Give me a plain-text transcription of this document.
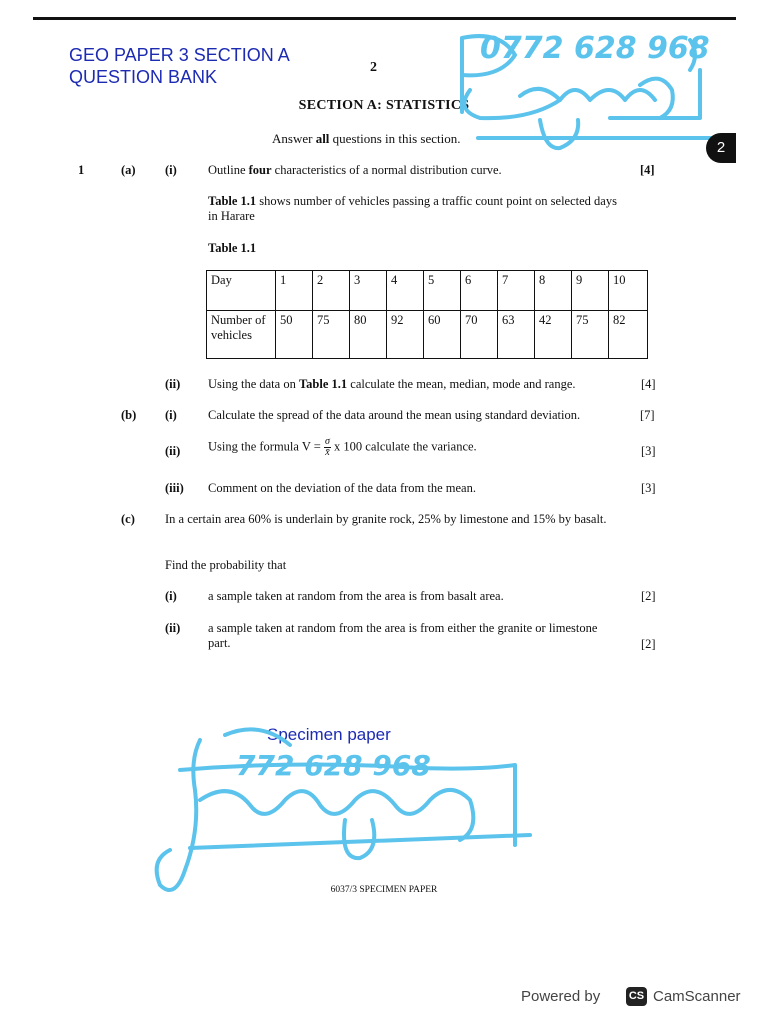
GEO PAPER 3 SECTION A
QUESTION BANK	2
SECTION A: STATISTICS
Answer all questions in this section.
1	(a) (i) Outline four characteristics of a normal distribution curve.	[4]
Table 1.1 shows number of vehicles passing a traffic count point on selected days in Harare
Table 1.1
Day	1	2	3	4	5	6	7	8	9	10
Number of vehicles	50	75	80	92	60	70	63	42	75	82
(ii) Using the data on Table 1.1 calculate the mean, median, mode and range.	[4]
(b) (i) Calculate the spread of the data around the mean using standard deviation.	[7]
(ii) Using the formula $V = \frac{\sigma}{x̄}$ x 100 calculate the variance.	[3]
(iii) Comment on the deviation of the data from the mean.	[3]
(c) In a certain area 60% is underlain by granite rock, 25% by limestone and 15% by basalt.
Find the probability that
(i) a sample taken at random from the area is from basalt area.	[2]
(ii) a sample taken at random from the area is from either the granite or limestone part.	[2]
Specimen paper
0772 628 968
772 628 968
2
6037/3 SPECIMEN PAPER
Powered by	CS CamScanner
